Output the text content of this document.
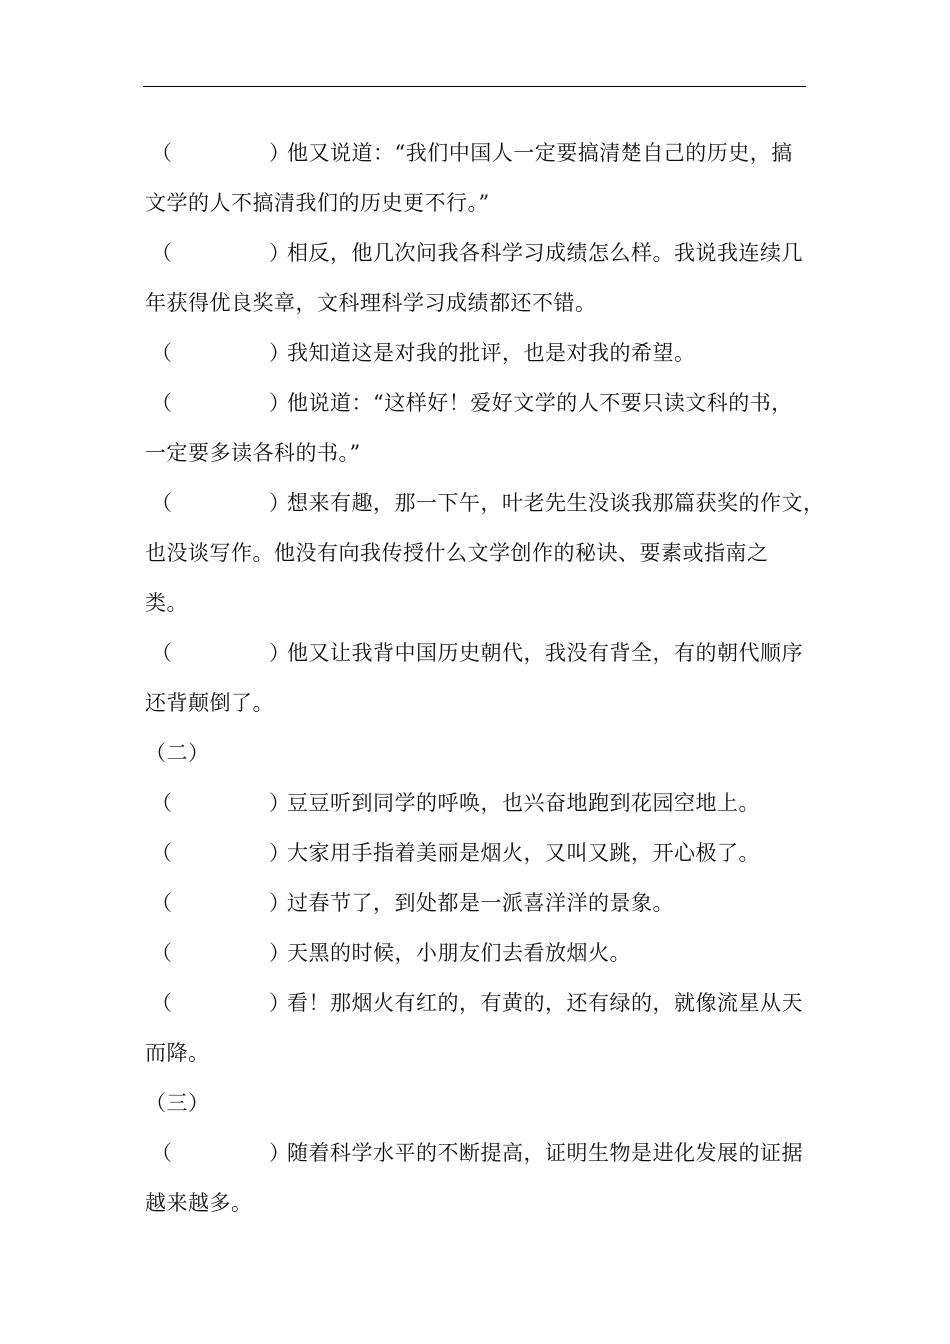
（	）他又说道：“我们中国人一定要搞清楚自己的历史，搞
文学的人不搞清我们的历史更不行。”
（	）相反，他几次问我各科学习成绩怎么样。我说我连续几
年获得优良奖章，文科理科学习成绩都还不错。
（	）我知道这是对我的批评，也是对我的希望。
（	）他说道：“这样好！爱好文学的人不要只读文科的书，
一定要多读各科的书。”
（	）想来有趣，那一下午，叶老先生没谈我那篇获奖的作文，
也没谈写作。他没有向我传授什么文学创作的秘诀、要素或指南之
类。
（	）他又让我背中国历史朝代，我没有背全，有的朝代顺序
还背颠倒了。
（二）
（	）豆豆听到同学的呼唤，也兴奋地跑到花园空地上。
（	）大家用手指着美丽是烟火，又叫又跳，开心极了。
（	）过春节了，到处都是一派喜洋洋的景象。
（	）天黑的时候，小朋友们去看放烟火。
（	）看！那烟火有红的，有黄的，还有绿的，就像流星从天
而降。
（三）
（	）随着科学水平的不断提高，证明生物是进化发展的证据
越来越多。
